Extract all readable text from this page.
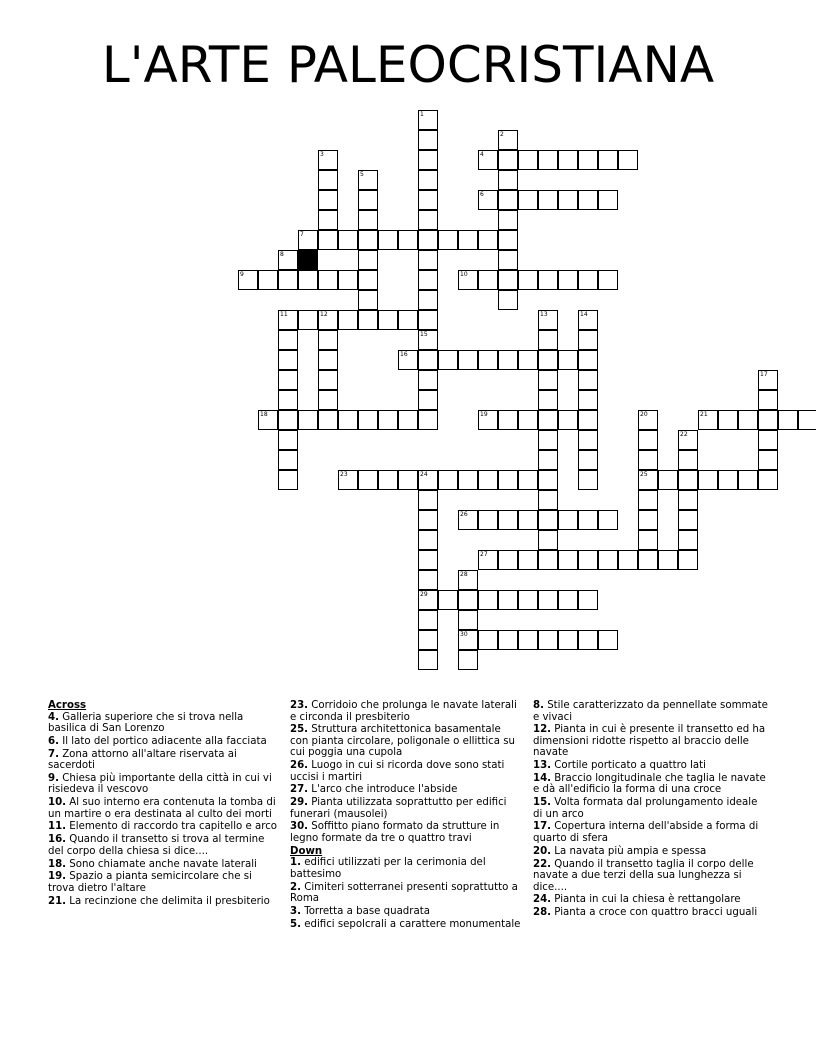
L'ARTE PALEOCRISTIANA
4
6
7
9	10
11	12
16
18	19	21
23	24	25
26
27
29
30
1
15
2
3
5
8
13	14
17
20
22
28
Across
4. Galleria superiore che si trova nella basilica di San Lorenzo
6. Il lato del portico adiacente alla facciata
7. Zona attorno all'altare riservata ai sacerdoti
9. Chiesa più importante della città in cui vi risiedeva il vescovo
10. Al suo interno era contenuta la tomba di un martire o era destinata al culto dei morti
11. Elemento di raccordo tra capitello e arco
16. Quando il transetto si trova al termine del corpo della chiesa si dice....
18. Sono chiamate anche navate laterali
19. Spazio a pianta semicircolare che si trova dietro l'altare
21. La recinzione che delimita il presbiterio
23. Corridoio che prolunga le navate laterali e circonda il presbiterio
25. Struttura architettonica basamentale con pianta circolare, poligonale o ellittica su cui poggia una cupola
26. Luogo in cui si ricorda dove sono stati uccisi i martiri
27. L'arco che introduce l'abside
29. Pianta utilizzata soprattutto per edifici funerari (mausolei)
30. Soffitto piano formato da strutture in legno formate da tre o quattro travi
Down
1. edifici utilizzati per la cerimonia del battesimo
2. Cimiteri sotterranei presenti soprattutto a Roma
3. Torretta a base quadrata
5. edifici sepolcrali a carattere monumentale
8. Stile caratterizzato da pennellate sommate e vivaci
12. Pianta in cui è presente il transetto ed ha dimensioni ridotte rispetto al braccio delle navate
13. Cortile porticato a quattro lati
14. Braccio longitudinale che taglia le navate e dà all'edificio la forma di una croce
15. Volta formata dal prolungamento ideale di un arco
17. Copertura interna dell'abside a forma di quarto di sfera
20. La navata più ampia e spessa
22. Quando il transetto taglia il corpo delle navate a due terzi della sua lunghezza si dice....
24. Pianta in cui la chiesa è rettangolare
28. Pianta a croce con quattro bracci uguali
